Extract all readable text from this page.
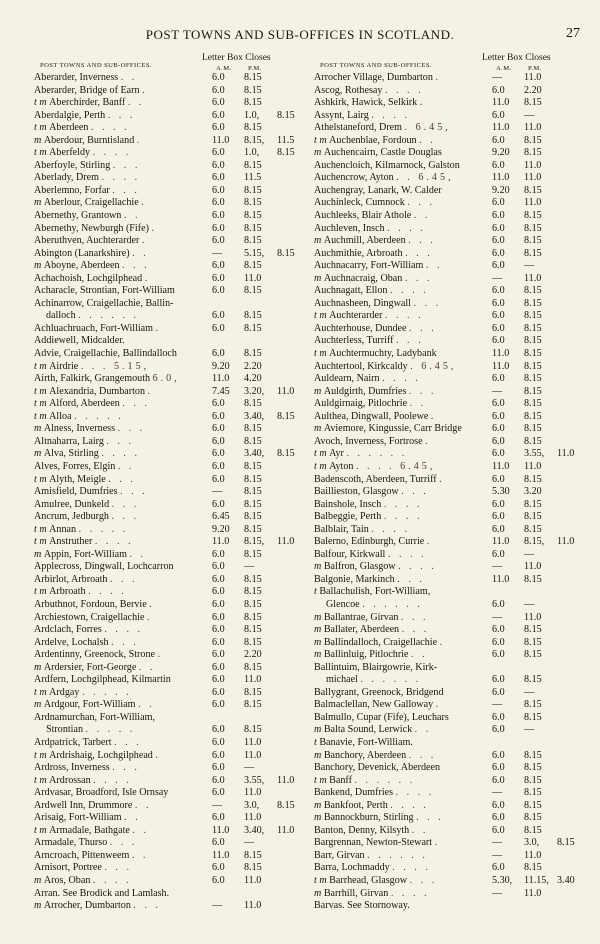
POST TOWNS AND SUB-OFFICES IN SCOTLAND.	27
POST TOWNS AND SUB-OFFICES.
Letter Box Closes
A.M. P.M.
Aberarder, Inverness . .	6.0 8.15
Aberarder, Bridge of Earn .	6.0 8.15
t m Aberchirder, Banff . .	6.0 8.15
Aberdalgie, Perth . . .	6.0 1.0, 8.15
t m Aberdeen . . . .	6.0 8.15
m Aberdour, Burntisland .	11.0 8.15, 11.5
t m Aberfeldy . . . .	6.0 1.0, 8.15
Aberfoyle, Stirling . . .	6.0 8.15
Aberlady, Drem . . . .	6.0 11.5
Aberlemno, Forfar . . .	6.0 8.15
m Aberlour, Craigellachie .	6.0 8.15
Abernethy, Grantown . .	6.0 8.15
Abernethy, Newburgh (Fife) .	6.0 8.15
Aberuthven, Auchterarder .	6.0 8.15
Abington (Lanarkshire) . .	— 5.15, 8.15
m Aboyne, Aberdeen . . .	6.0 8.15
Achachoish, Lochgilphead .	6.0 11.0
Acharacle, Strontian, Fort-William	6.0 8.15
Achinarrow, Craigellachie, Ballin-
dalloch . . . . . .	6.0 8.15
Achluachruach, Fort-William .	6.0 8.15
Addiewell, Midcalder.
Advie, Craigellachie, Ballindalloch	6.0 8.15
t m Airdrie . . . 5.15,	9.20 2.20
Airth, Falkirk, Grangemouth 6.0,	11.0 4.20
t m Alexandria, Dumbarton .	7.45 3.20, 11.0
t m Alford, Aberdeen . . .	6.0 8.15
t m Alloa . . . . .	6.0 3.40, 8.15
m Alness, Inverness . . .	6.0 8.15
Altnaharra, Lairg . . .	6.0 8.15
m Alva, Stirling . . . .	6.0 3.40, 8.15
Alves, Forres, Elgin . .	6.0 8.15
t m Alyth, Meigle . . .	6.0 8.15
Amisfield, Dumfries . . .	— 8.15
Amulree, Dunkeld . . .	6.0 8.15
Ancrum, Jedburgh . . .	6.45 8.15
t m Annan . . . . .	9.20 8.15
t m Anstruther . . . .	11.0 8.15, 11.0
m Appin, Fort-William . .	6.0 8.15
Applecross, Dingwall, Lochcarron	6.0 —
Arbirlot, Arbroath . . .	6.0 8.15
t m Arbroath . . . .	6.0 8.15
Arbuthnot, Fordoun, Bervie .	6.0 8.15
Archiestown, Craigellachie .	6.0 8.15
Ardclach, Forres . . . .	6.0 8.15
Ardelve, Lochalsh . . .	6.0 8.15
Ardentinny, Greenock, Strone .	6.0 2.20
m Ardersier, Fort-George . .	6.0 8.15
Ardfern, Lochgilphead, Kilmartin	6.0 11.0
t m Ardgay . . . . .	6.0 8.15
m Ardgour, Fort-William . .	6.0 8.15
Ardnamurchan, Fort-William,
Strontian . . . . .	6.0 8.15
Ardpatrick, Tarbert . . .	6.0 11.0
t m Ardrishaig, Lochgilphead .	6.0 11.0
Ardross, Inverness . . .	6.0 —
t m Ardrossan . . . .	6.0 3.55, 11.0
Ardvasar, Broadford, Isle Ornsay	6.0 11.0
Ardwell Inn, Drummore . .	— 3.0, 8.15
Arisaig, Fort-William . .	6.0 11.0
t m Armadale, Bathgate . .	11.0 3.40, 11.0
Armadale, Thurso . . .	6.0 —
Arncroach, Pittenweem . .	11.0 8.15
Arnisort, Portree . . .	6.0 8.15
m Aros, Oban . . . .	6.0 11.0
Arran. See Brodick and Lamlash.
m Arrocher, Dumbarton . . .	— 11.0
POST TOWNS AND SUB-OFFICES.
Letter Box Closes
A.M. P.M.
Arrocher Village, Dumbarton .	— 11.0
Ascog, Rothesay . . . .	6.0 2.20
Ashkirk, Hawick, Selkirk .	11.0 8.15
Assynt, Lairg . . . .	6.0 —
Athelstaneford, Drem . 6.45,	11.0 11.0
t m Auchenblae, Fordoun . .	6.0 8.15
m Auchencairn, Castle Douglas	9.20 8.15
Auchencloich, Kilmarnock, Galston	6.0 11.0
Auchencrow, Ayton . . 6.45,	11.0 11.0
Auchengray, Lanark, W. Calder	9.20 8.15
Auchinleck, Cumnock . . .	6.0 11.0
Auchleeks, Blair Athole . .	6.0 8.15
Auchleven, Insch . . . .	6.0 8.15
m Auchmill, Aberdeen . . .	6.0 8.15
Auchmithie, Arbroath . . .	6.0 8.15
Auchnacarry, Fort-William . .	6.0 —
m Auchnacraig, Oban . . .	— 11.0
Auchnagatt, Ellon . . . .	6.0 8.15
Auchnasheen, Dingwall . . .	6.0 8.15
t m Auchterarder . . . .	6.0 8.15
Auchterhouse, Dundee . . .	6.0 8.15
Auchterless, Turriff . . .	6.0 8.15
t m Auchtermuchty, Ladybank	11.0 8.15
Auchtertool, Kirkcaldy . 6.45,	11.0 8.15
Auldearn, Nairn . . . .	6.0 8.15
m Auldgirth, Dumfries . . .	— 8.15
Auldgirnaig, Pitlochrie . .	6.0 8.15
Aulthea, Dingwall, Poolewe .	6.0 8.15
m Aviemore, Kingussie, Carr Bridge	6.0 8.15
Avoch, Inverness, Fortrose .	6.0 8.15
t m Ayr . . . . . .	6.0 3.55, 11.0
t m Ayton . . . . 6.45,	11.0 11.0
Badenscoth, Aberdeen, Turriff .	6.0 8.15
Baillieston, Glasgow . . .	5.30 3.20
Bainshole, Insch . . . .	6.0 8.15
Balbeggie, Perth . . . .	6.0 8.15
Balblair, Tain . . . .	6.0 8.15
Balerno, Edinburgh, Currie .	11.0 8.15, 11.0
Balfour, Kirkwall . . . .	6.0 —
m Balfron, Glasgow . . . .	— 11.0
Balgonie, Markinch . . .	11.0 8.15
t Ballachulish, Fort-William,
Glencoe . . . . . .	6.0 —
m Ballantrae, Girvan . . .	— 11.0
m Ballater, Aberdeen . . .	6.0 8.15
m Ballindalloch, Craigellachie .	6.0 8.15
m Ballinluig, Pitlochrie . .	6.0 8.15
Ballintuim, Blairgowrie, Kirk-
michael . . . . . .	6.0 8.15
Ballygrant, Greenock, Bridgend	6.0 —
Balmaclellan, New Galloway .	— 8.15
Balmullo, Cupar (Fife), Leuchars	6.0 8.15
m Balta Sound, Lerwick . .	6.0 —
t Banavie, Fort-William.
m Banchory, Aberdeen . . .	6.0 8.15
Banchory, Devenick, Aberdeen	6.0 8.15
t m Banff . . . . . .	6.0 8.15
Bankend, Dumfries . . . .	— 8.15
m Bankfoot, Perth . . . .	6.0 8.15
m Bannockburn, Stirling . . .	6.0 8.15
Banton, Denny, Kilsyth . .	6.0 8.15
Bargrennan, Newton-Stewart .	— 3.0, 8.15
Barr, Girvan . . . . . .	— 11.0
Barra, Lochmaddy . . . .	6.0 8.15
t m Barrhead, Glasgow . . .	5.30, 11.15, 3.40
m Barrhill, Girvan . . . .	— 11.0
Barvas. See Stornoway.
